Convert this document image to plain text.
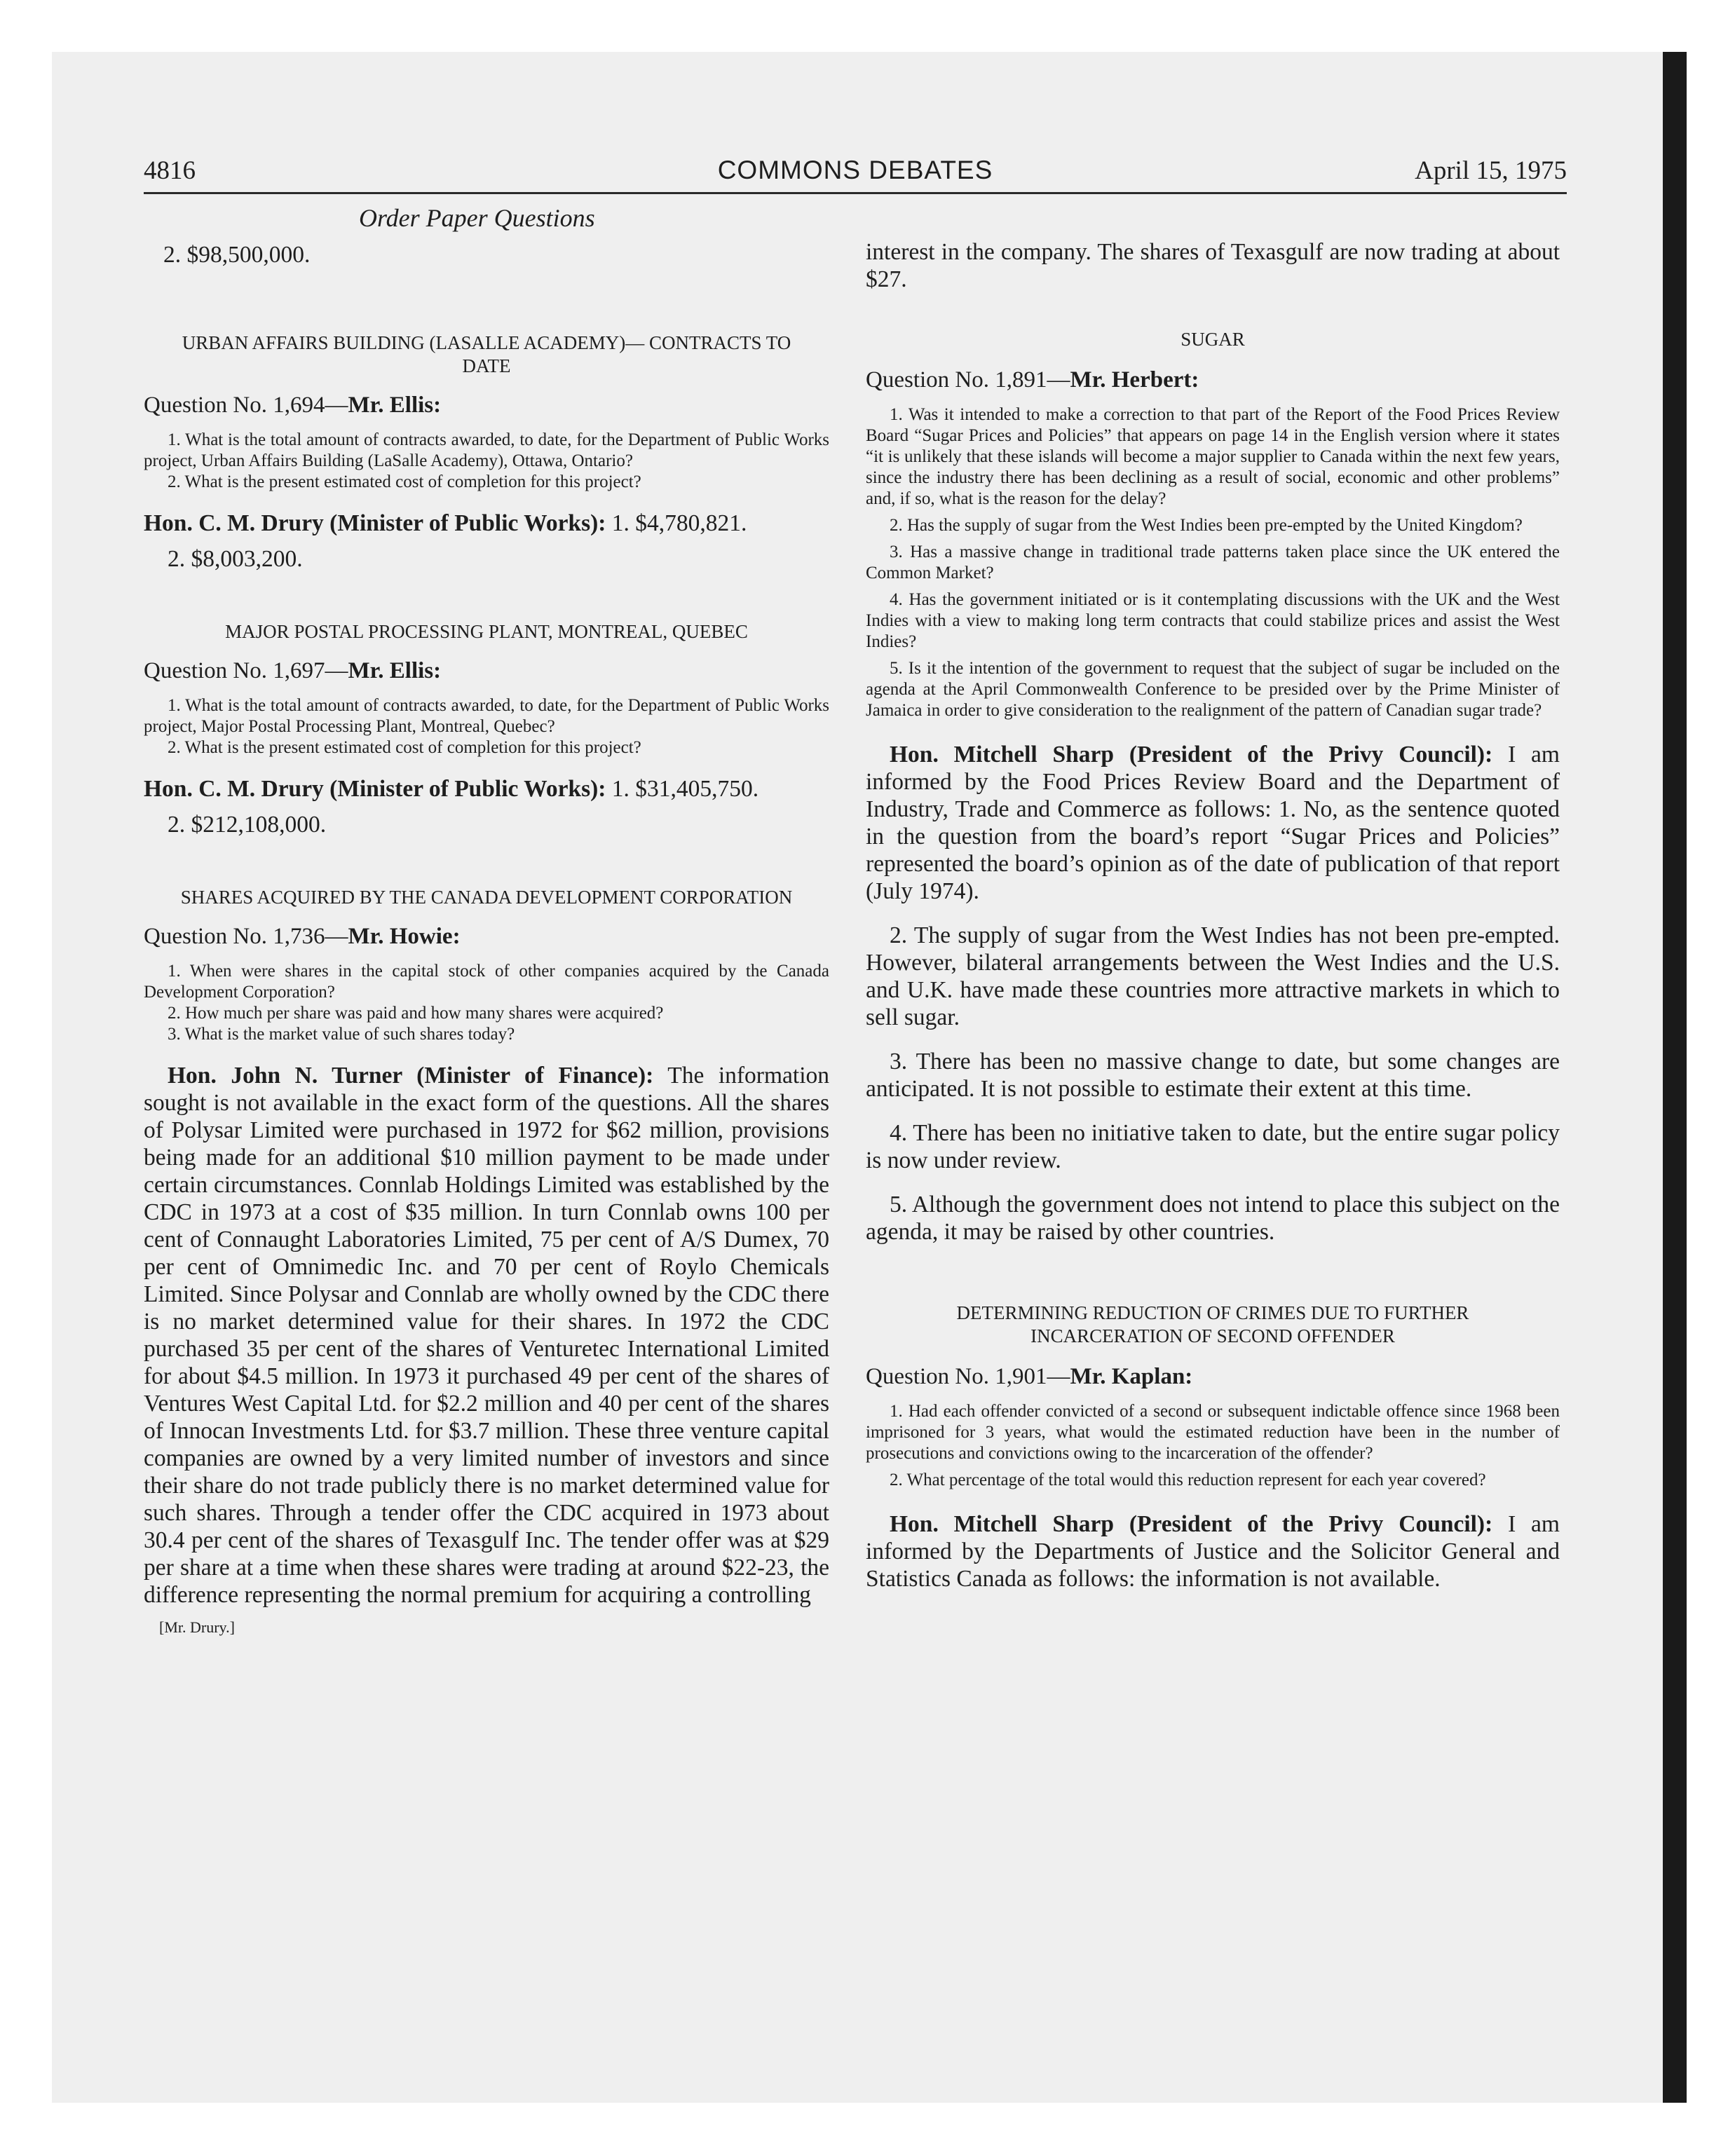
4816	COMMONS DEBATES	April 15, 1975
Order Paper Questions

2. $98,500,000.

URBAN AFFAIRS BUILDING (LASALLE ACADEMY)— CONTRACTS TO DATE

Question No. 1,694—Mr. Ellis:

1. What is the total amount of contracts awarded, to date, for the Department of Public Works project, Urban Affairs Building (LaSalle Academy), Ottawa, Ontario?

2. What is the present estimated cost of completion for this project?

Hon. C. M. Drury (Minister of Public Works): 1. $4,780,821.

2. $8,003,200.

MAJOR POSTAL PROCESSING PLANT, MONTREAL, QUEBEC

Question No. 1,697—Mr. Ellis:

1. What is the total amount of contracts awarded, to date, for the Department of Public Works project, Major Postal Processing Plant, Montreal, Quebec?

2. What is the present estimated cost of completion for this project?

Hon. C. M. Drury (Minister of Public Works): 1. $31,405,750.

2. $212,108,000.

SHARES ACQUIRED BY THE CANADA DEVELOPMENT CORPORATION

Question No. 1,736—Mr. Howie:

1. When were shares in the capital stock of other companies acquired by the Canada Development Corporation?

2. How much per share was paid and how many shares were acquired?

3. What is the market value of such shares today?

Hon. John N. Turner (Minister of Finance): The information sought is not available in the exact form of the questions. All the shares of Polysar Limited were purchased in 1972 for $62 million, provisions being made for an additional $10 million payment to be made under certain circumstances. Connlab Holdings Limited was established by the CDC in 1973 at a cost of $35 million. In turn Connlab owns 100 per cent of Connaught Laboratories Limited, 75 per cent of A/S Dumex, 70 per cent of Omnimedic Inc. and 70 per cent of Roylo Chemicals Limited. Since Polysar and Connlab are wholly owned by the CDC there is no market determined value for their shares. In 1972 the CDC purchased 35 per cent of the shares of Venturetec International Limited for about $4.5 million. In 1973 it purchased 49 per cent of the shares of Ventures West Capital Ltd. for $2.2 million and 40 per cent of the shares of Innocan Investments Ltd. for $3.7 million. These three venture capital companies are owned by a very limited number of investors and since their share do not trade publicly there is no market determined value for such shares. Through a tender offer the CDC acquired in 1973 about 30.4 per cent of the shares of Texasgulf Inc. The tender offer was at $29 per share at a time when these shares were trading at around $22-23, the difference representing the normal premium for acquiring a controlling

[Mr. Drury.]

interest in the company. The shares of Texasgulf are now trading at about $27.

SUGAR

Question No. 1,891—Mr. Herbert:

1. Was it intended to make a correction to that part of the Report of the Food Prices Review Board “Sugar Prices and Policies” that appears on page 14 in the English version where it states “it is unlikely that these islands will become a major supplier to Canada within the next few years, since the industry there has been declining as a result of social, economic and other problems” and, if so, what is the reason for the delay?

2. Has the supply of sugar from the West Indies been pre-empted by the United Kingdom?

3. Has a massive change in traditional trade patterns taken place since the UK entered the Common Market?

4. Has the government initiated or is it contemplating discussions with the UK and the West Indies with a view to making long term contracts that could stabilize prices and assist the West Indies?

5. Is it the intention of the government to request that the subject of sugar be included on the agenda at the April Commonwealth Conference to be presided over by the Prime Minister of Jamaica in order to give consideration to the realignment of the pattern of Canadian sugar trade?

Hon. Mitchell Sharp (President of the Privy Council): I am informed by the Food Prices Review Board and the Department of Industry, Trade and Commerce as follows: 1. No, as the sentence quoted in the question from the board’s report “Sugar Prices and Policies” represented the board’s opinion as of the date of publication of that report (July 1974).

2. The supply of sugar from the West Indies has not been pre-empted. However, bilateral arrangements between the West Indies and the U.S. and U.K. have made these countries more attractive markets in which to sell sugar.

3. There has been no massive change to date, but some changes are anticipated. It is not possible to estimate their extent at this time.

4. There has been no initiative taken to date, but the entire sugar policy is now under review.

5. Although the government does not intend to place this subject on the agenda, it may be raised by other countries.

DETERMINING REDUCTION OF CRIMES DUE TO FURTHER INCARCERATION OF SECOND OFFENDER

Question No. 1,901—Mr. Kaplan:

1. Had each offender convicted of a second or subsequent indictable offence since 1968 been imprisoned for 3 years, what would the estimated reduction have been in the number of prosecutions and convictions owing to the incarceration of the offender?

2. What percentage of the total would this reduction represent for each year covered?

Hon. Mitchell Sharp (President of the Privy Council): I am informed by the Departments of Justice and the Solicitor General and Statistics Canada as follows: the information is not available.
